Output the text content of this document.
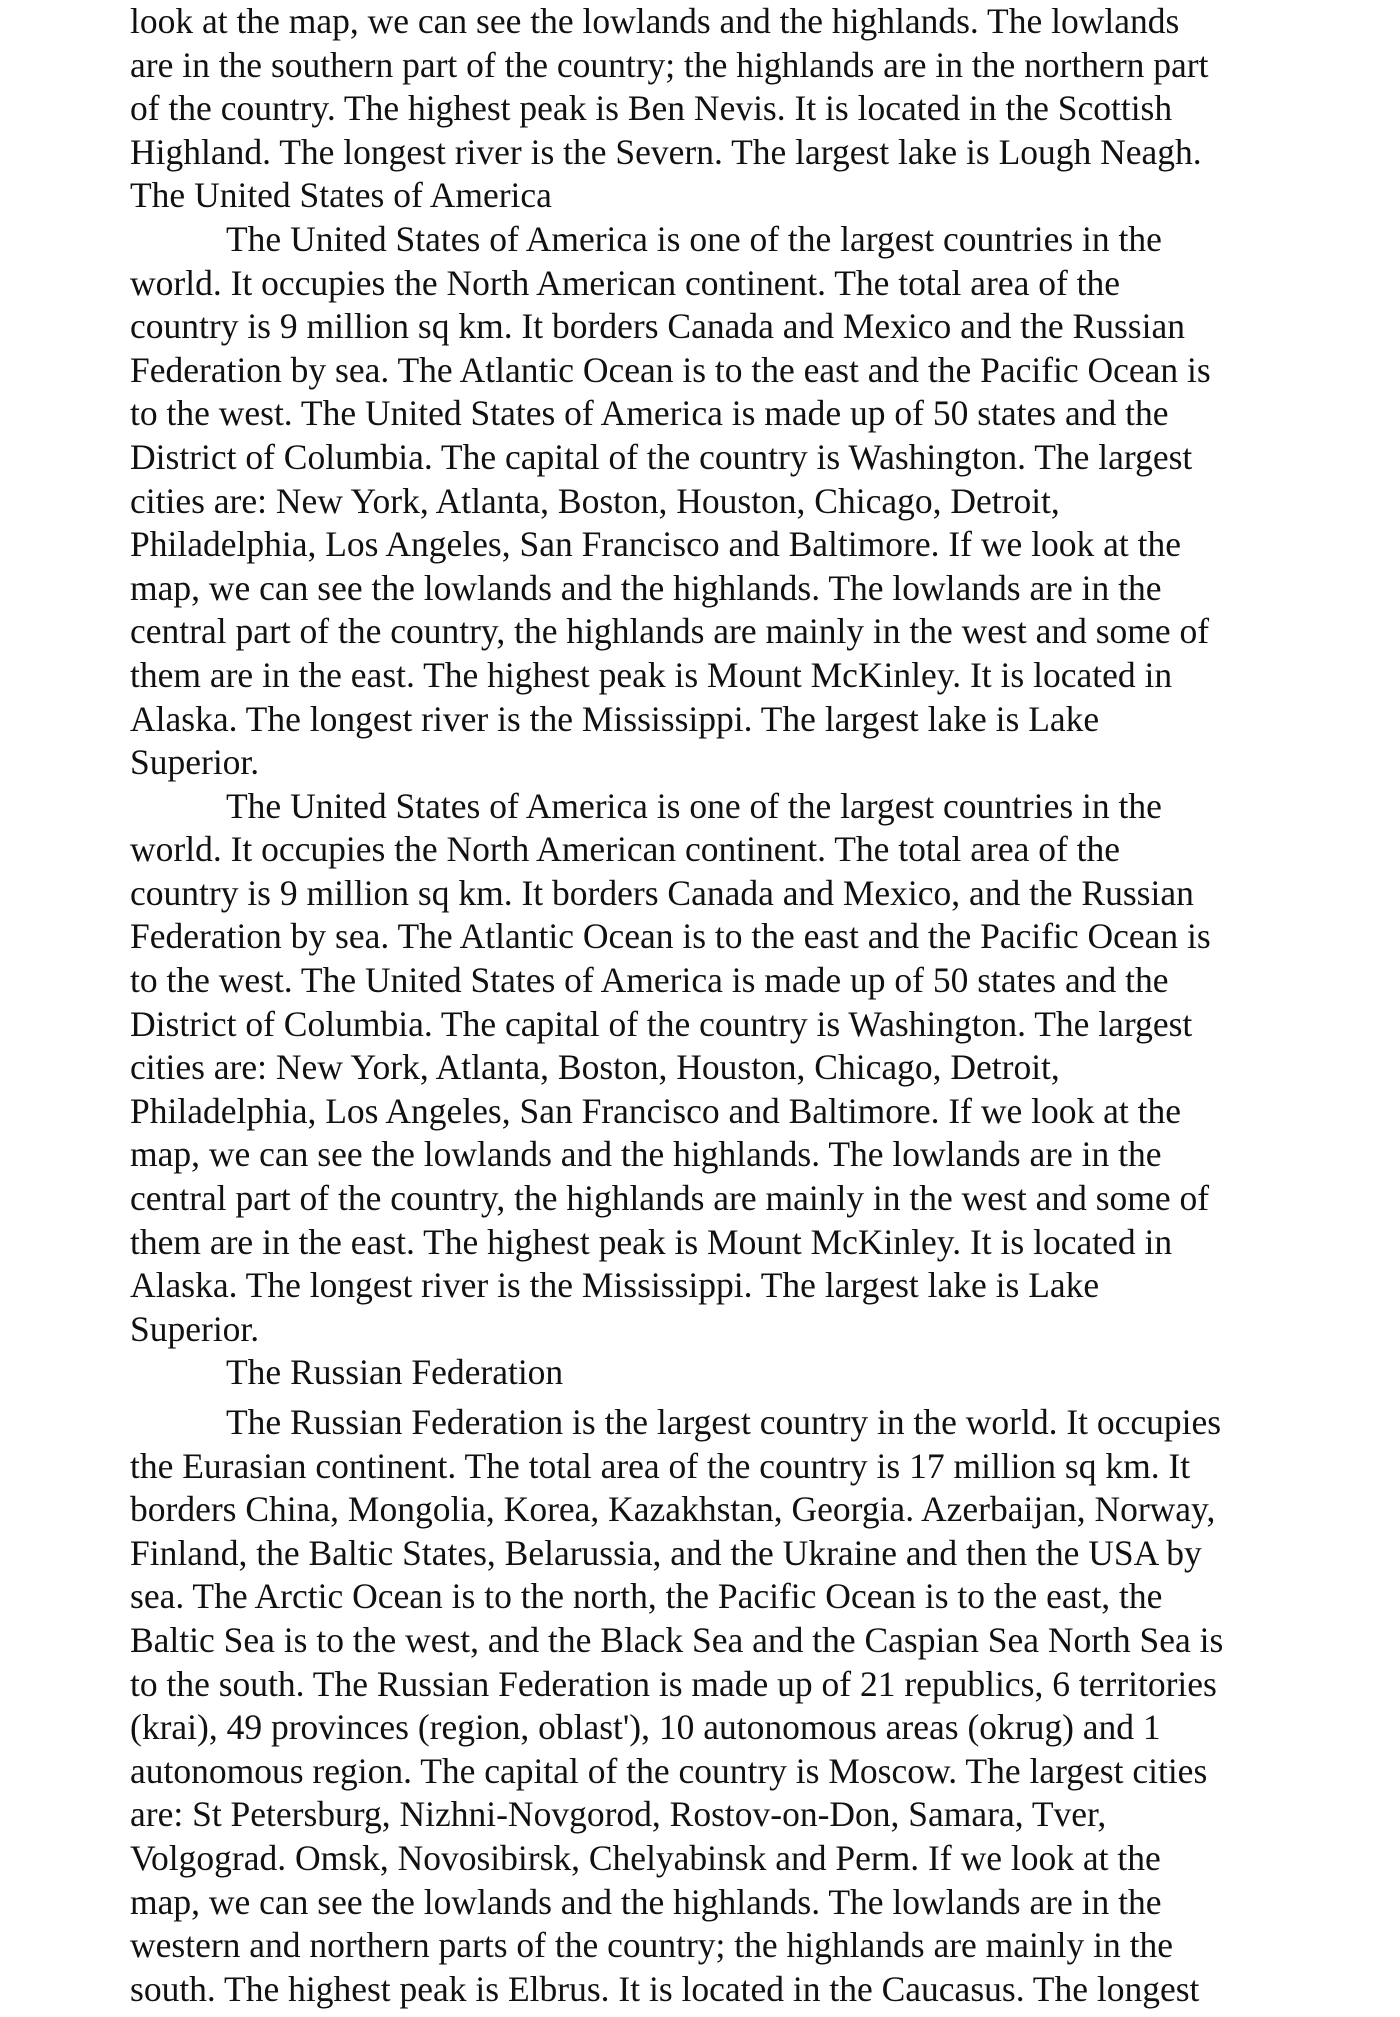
look at the map, we can see the lowlands and the highlands. The lowlands
are in the southern part of the country; the highlands are in the northern part
of the country. The highest peak is Ben Nevis. It is located in the Scottish
Highland. The longest river is the Severn. The largest lake is Lough Neagh.
The United States of America
The United States of America is one of the largest countries in the
world. It occupies the North American continent. The total area of the
country is 9 million sq km. It borders Canada and Mexico and the Russian
Federation by sea. The Atlantic Ocean is to the east and the Pacific Ocean is
to the west. The United States of America is made up of 50 states and the
District of Columbia. The capital of the country is Washington. The largest
cities are: New York, Atlanta, Boston, Houston, Chicago, Detroit,
Philadelphia, Los Angeles, San Francisco and Baltimore. If we look at the
map, we can see the lowlands and the highlands. The lowlands are in the
central part of the country, the highlands are mainly in the west and some of
them are in the east. The highest peak is Mount McKinley. It is located in
Alaska. The longest river is the Mississippi. The largest lake is Lake
Superior.
The United States of America is one of the largest countries in the
world. It occupies the North American continent. The total area of the
country is 9 million sq km. It borders Canada and Mexico, and the Russian
Federation by sea. The Atlantic Ocean is to the east and the Pacific Ocean is
to the west. The United States of America is made up of 50 states and the
District of Columbia. The capital of the country is Washington. The largest
cities are: New York, Atlanta, Boston, Houston, Chicago, Detroit,
Philadelphia, Los Angeles, San Francisco and Baltimore. If we look at the
map, we can see the lowlands and the highlands. The lowlands are in the
central part of the country, the highlands are mainly in the west and some of
them are in the east. The highest peak is Mount McKinley. It is located in
Alaska. The longest river is the Mississippi. The largest lake is Lake
Superior.
The Russian Federation
The Russian Federation is the largest country in the world. It occupies
the Eurasian continent. The total area of the country is 17 million sq km. It
borders China, Mongolia, Korea, Kazakhstan, Georgia. Azerbaijan, Norway,
Finland, the Baltic States, Belarussia, and the Ukraine and then the USA by
sea. The Arctic Ocean is to the north, the Pacific Ocean is to the east, the
Baltic Sea is to the west, and the Black Sea and the Caspian Sea North Sea is
to the south. The Russian Federation is made up of 21 republics, 6 territories
(krai), 49 provinces (region, oblast'), 10 autonomous areas (okrug) and 1
autonomous region. The capital of the country is Moscow. The largest cities
are: St Petersburg, Nizhni-Novgorod, Rostov-on-Don, Samara, Tver,
Volgograd. Omsk, Novosibirsk, Chelyabinsk and Perm. If we look at the
map, we can see the lowlands and the highlands. The lowlands are in the
western and northern parts of the country; the highlands are mainly in the
south. The highest peak is Elbrus. It is located in the Caucasus. The longest
